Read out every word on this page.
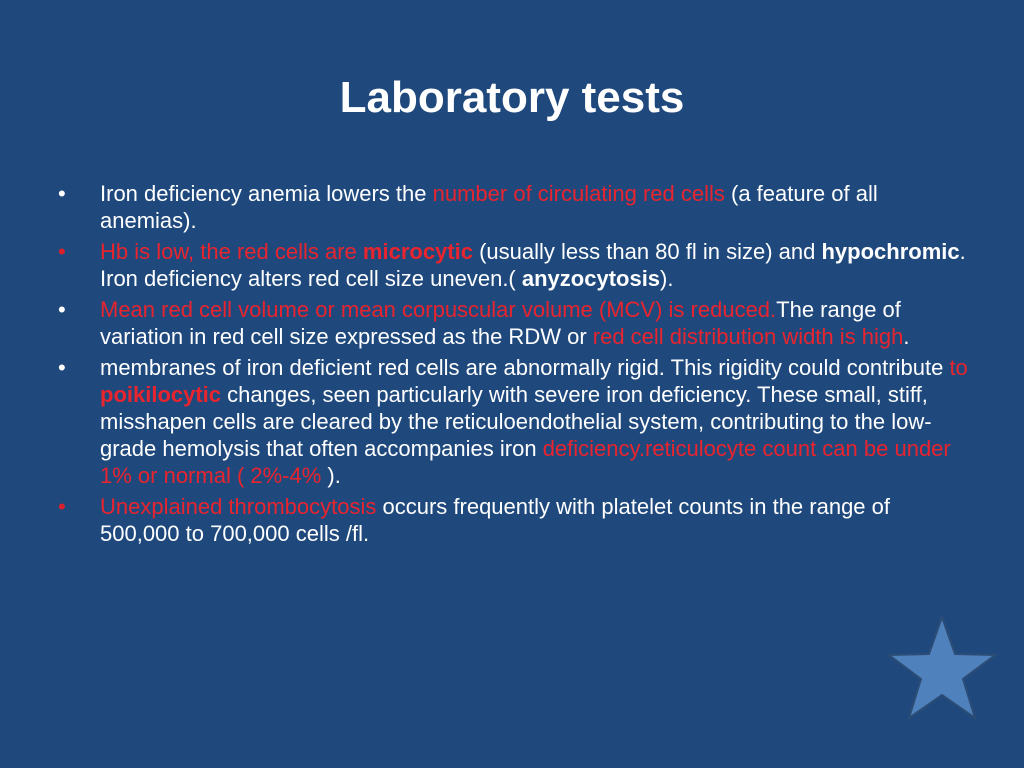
Laboratory tests
•	Iron deficiency anemia lowers the number of circulating red cells (a feature of all anemias).
•	Hb is low, the red cells are microcytic (usually less than 80 fl in size) and hypochromic. Iron deficiency alters red cell size uneven.( anyzocytosis).
•	Mean red cell volume or mean corpuscular volume (MCV) is reduced.The range of variation in red cell size expressed as the RDW or red cell distribution width is high.
•	membranes of iron deficient red cells are abnormally rigid. This rigidity could contribute to poikilocytic changes, seen particularly with severe iron deficiency. These small, stiff, misshapen cells are cleared by the reticuloendothelial system, contributing to the low-grade hemolysis that often accompanies iron deficiency.reticulocyte count can be under 1% or normal ( 2%-4% ).
•	Unexplained thrombocytosis occurs frequently with platelet counts in the range of 500,000 to 700,000 cells /fl.
